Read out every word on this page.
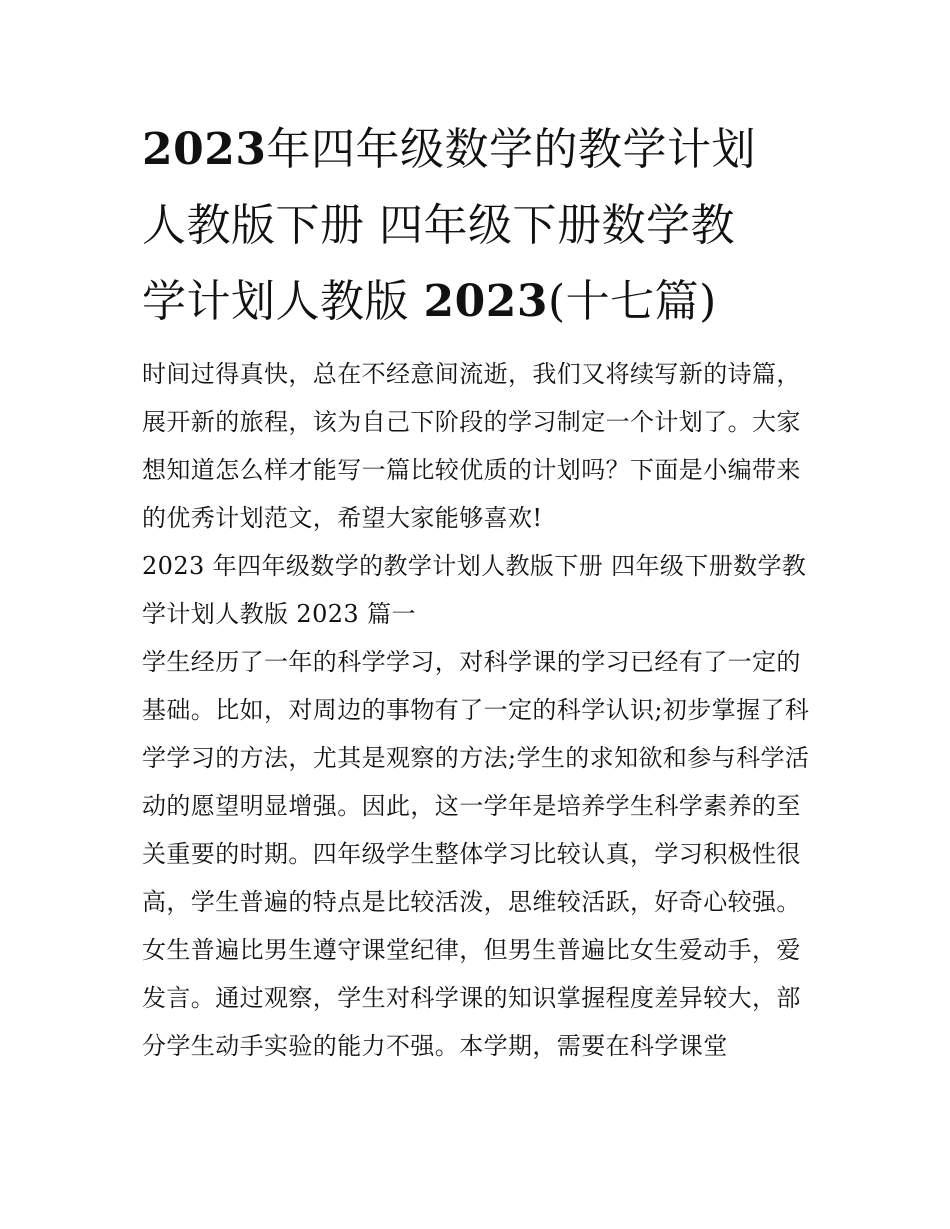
2023年四年级数学的教学计划
人教版下册 四年级下册数学教
学计划人教版 2023(十七篇)

时间过得真快，总在不经意间流逝，我们又将续写新的诗篇，展开新的旅程，该为自己下阶段的学习制定一个计划了。大家想知道怎么样才能写一篇比较优质的计划吗？下面是小编带来的优秀计划范文，希望大家能够喜欢!

2023 年四年级数学的教学计划人教版下册 四年级下册数学教学计划人教版 2023 篇一

学生经历了一年的科学学习，对科学课的学习已经有了一定的基础。比如，对周边的事物有了一定的科学认识;初步掌握了科学学习的方法，尤其是观察的方法;学生的求知欲和参与科学活动的愿望明显增强。因此，这一学年是培养学生科学素养的至关重要的时期。四年级学生整体学习比较认真，学习积极性很高，学生普遍的特点是比较活泼，思维较活跃，好奇心较强。女生普遍比男生遵守课堂纪律，但男生普遍比女生爱动手，爱发言。通过观察，学生对科学课的知识掌握程度差异较大，部分学生动手实验的能力不强。本学期，需要在科学课堂
